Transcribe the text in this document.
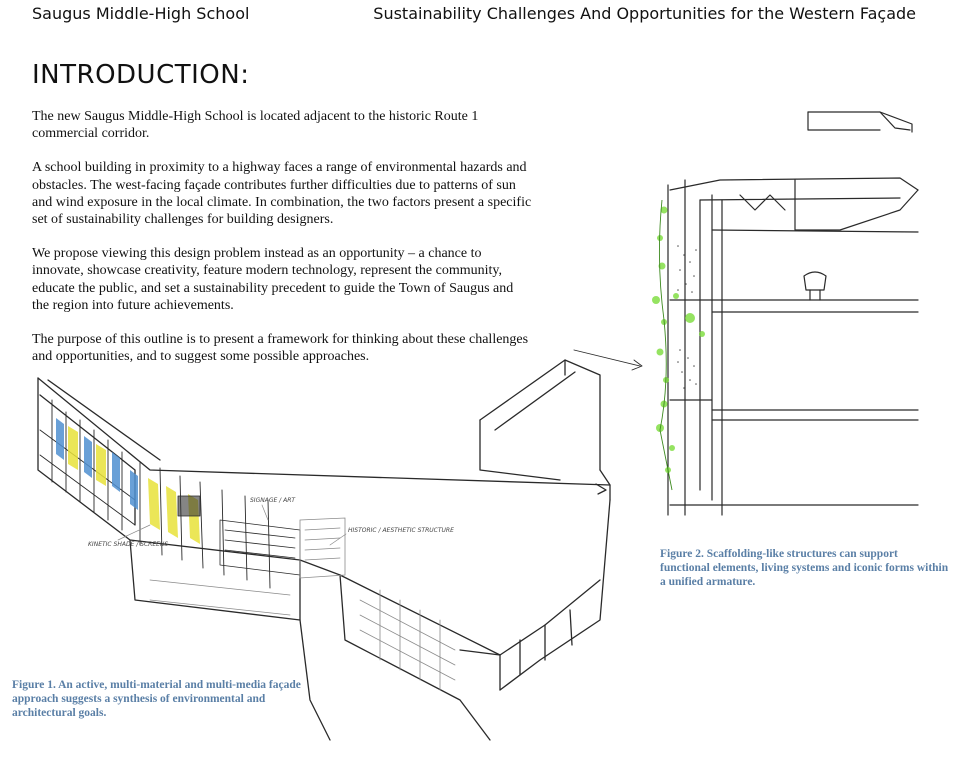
Saugus Middle-High School	Sustainability Challenges And Opportunities for the Western Façade
INTRODUCTION:

The new Saugus Middle-High School is located adjacent to the historic Route 1 commercial corridor.

A school building in proximity to a highway faces a range of environmental hazards and obstacles. The west-facing façade contributes further difficulties due to patterns of sun and wind exposure in the local climate. In combination, the two factors present a specific set of sustainability challenges for building designers.

We propose viewing this design problem instead as an opportunity – a chance to innovate, showcase creativity, feature modern technology, represent the community, educate the public, and set a sustainability precedent to guide the Town of Saugus and the region into future achievements.

The purpose of this outline is to present a framework for thinking about these challenges and opportunities, and to suggest some possible approaches.

KINETIC SHADE / SCREENS
SIGNAGE / ART
HISTORIC / AESTHETIC STRUCTURE
Figure 1. An active, multi-material and multi-media façade approach suggests a synthesis of environmental and architectural goals.
Figure 2. Scaffolding-like structures can support functional elements, living systems and iconic forms within a unified armature.
